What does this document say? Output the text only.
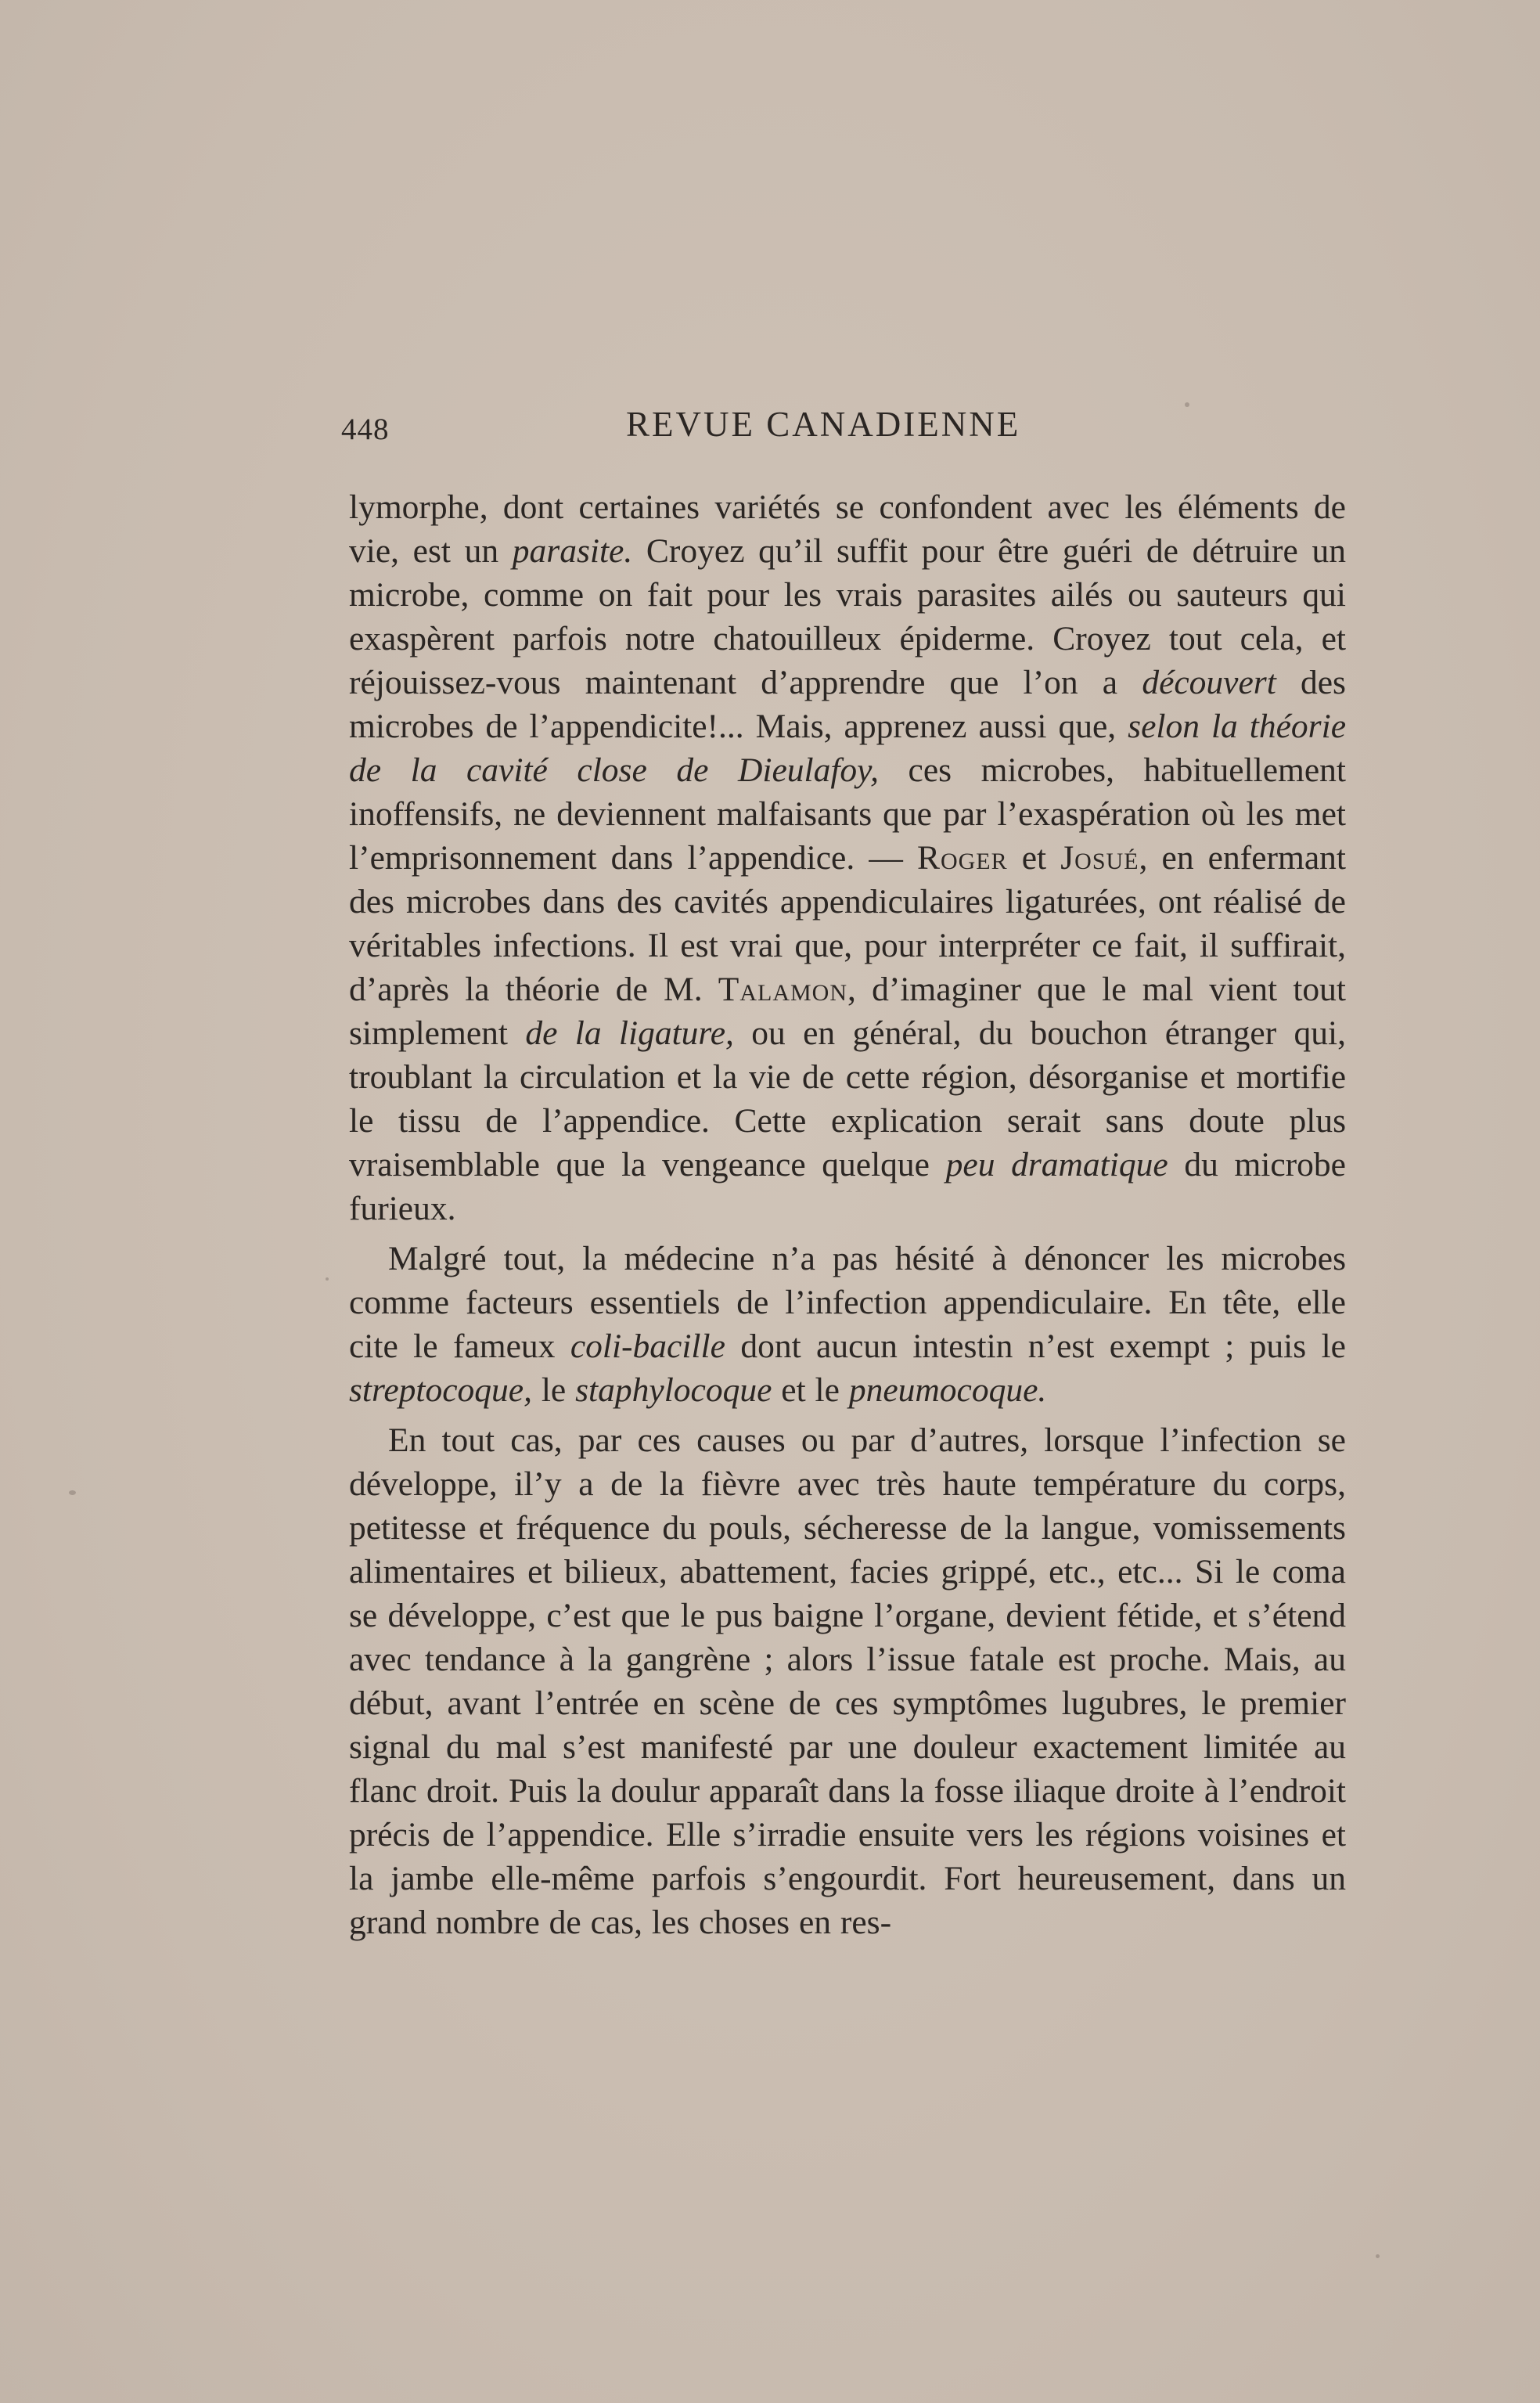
448	REVUE CANADIENNE

lymorphe, dont certaines variétés se confondent avec les éléments de vie, est un parasite. Croyez qu’il suffit pour être guéri de détruire un microbe, comme on fait pour les vrais parasites ailés ou sauteurs qui exaspèrent parfois notre chatouilleux épiderme. Croyez tout cela, et réjouissez-vous maintenant d’apprendre que l’on a découvert des microbes de l’appendicite!... Mais, apprenez aussi que, selon la théorie de la cavité close de Dieulafoy, ces microbes, habituellement inoffensifs, ne deviennent malfaisants que par l’exaspération où les met l’emprisonnement dans l’appendice. — Roger et Josué, en enfermant des microbes dans des cavités appendiculaires ligaturées, ont réalisé de véritables infections. Il est vrai que, pour interpréter ce fait, il suffirait, d’après la théorie de M. Talamon, d’imaginer que le mal vient tout simplement de la ligature, ou en général, du bouchon étranger qui, troublant la circulation et la vie de cette région, désorganise et mortifie le tissu de l’appendice. Cette explication serait sans doute plus vraisemblable que la vengeance quelque peu dramatique du microbe furieux.

Malgré tout, la médecine n’a pas hésité à dénoncer les microbes comme facteurs essentiels de l’infection appendiculaire. En tête, elle cite le fameux coli-bacille dont aucun intestin n’est exempt ; puis le streptocoque, le staphylocoque et le pneumocoque.

En tout cas, par ces causes ou par d’autres, lorsque l’infection se développe, il’y a de la fièvre avec très haute température du corps, petitesse et fréquence du pouls, sécheresse de la langue, vomissements alimentaires et bilieux, abattement, facies grippé, etc., etc... Si le coma se développe, c’est que le pus baigne l’organe, devient fétide, et s’étend avec tendance à la gangrène ; alors l’issue fatale est proche. Mais, au début, avant l’entrée en scène de ces symptômes lugubres, le premier signal du mal s’est manifesté par une douleur exactement limitée au flanc droit. Puis la doulur apparaît dans la fosse iliaque droite à l’endroit précis de l’appendice. Elle s’irradie ensuite vers les régions voisines et la jambe elle-même parfois s’engourdit. Fort heureusement, dans un grand nombre de cas, les choses en res-
